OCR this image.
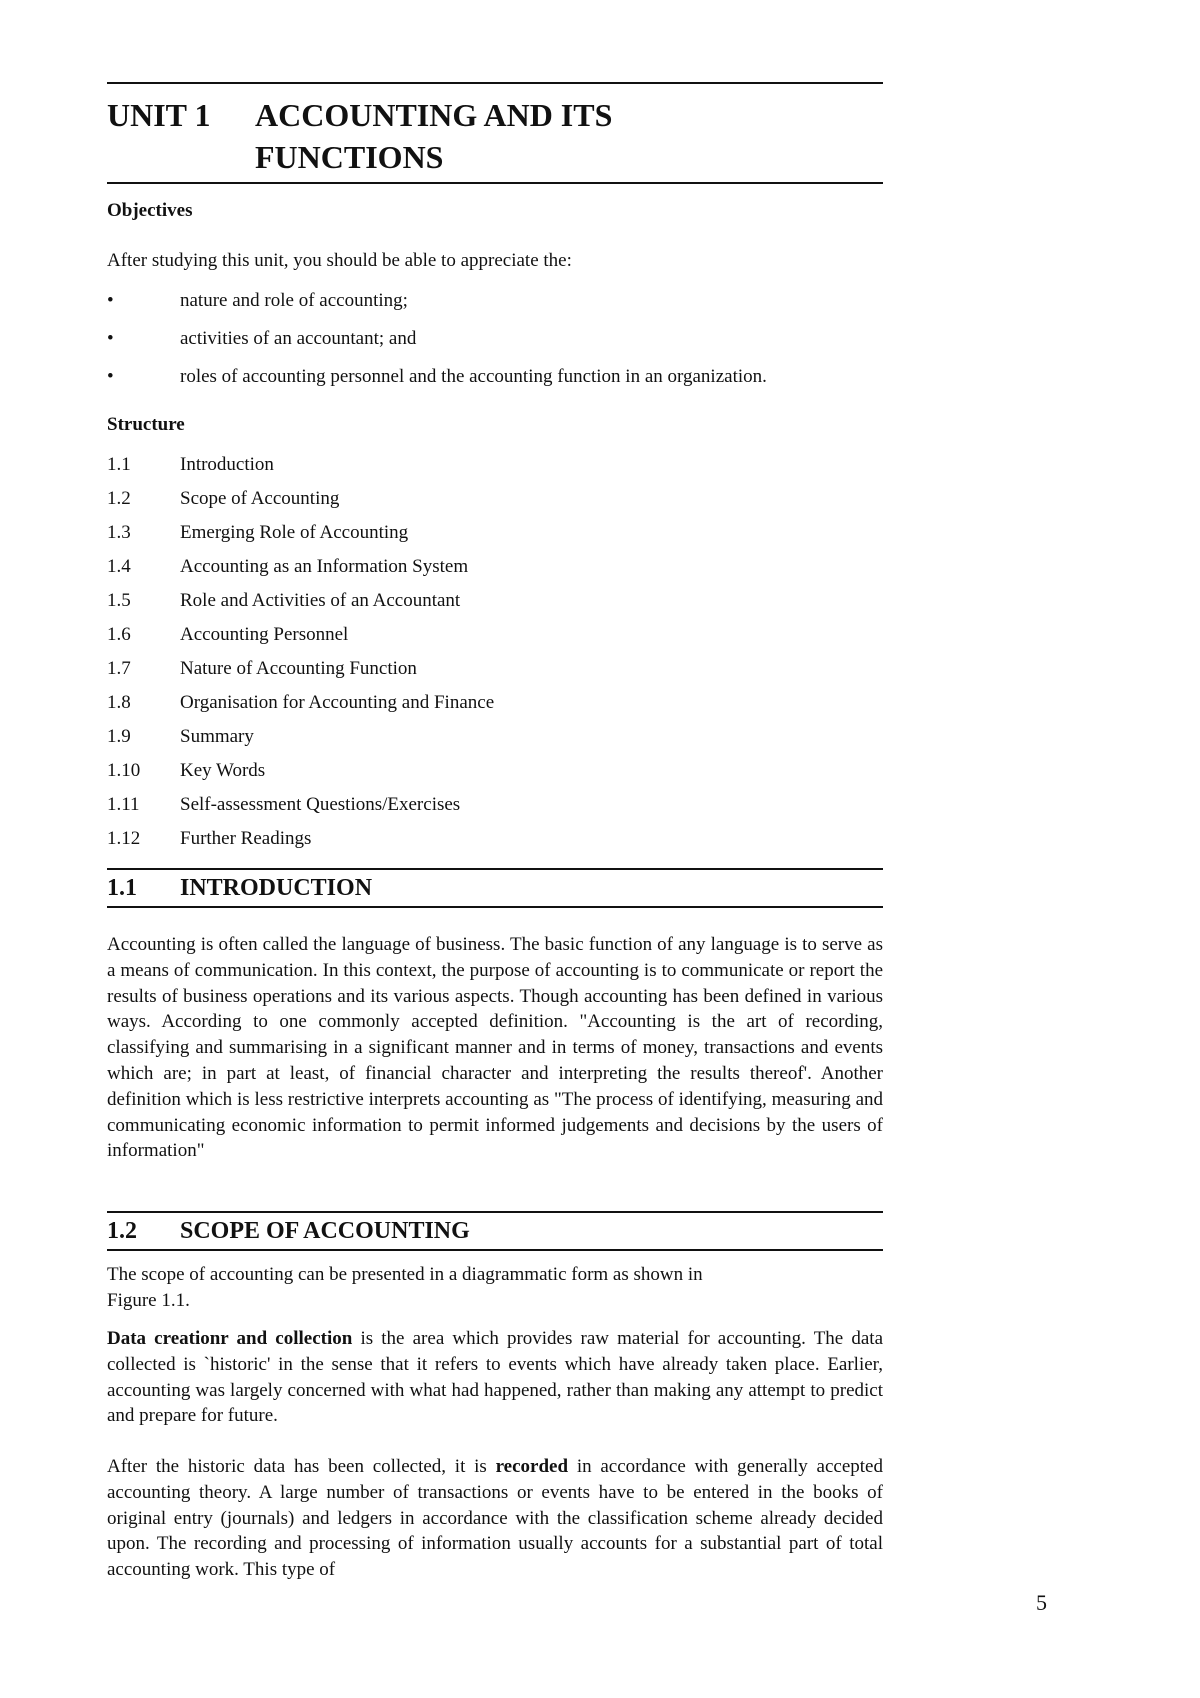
UNIT 1	ACCOUNTING AND ITS
FUNCTIONS
Objectives
After studying this unit, you should be able to appreciate the:
•	nature and role of accounting;
•	activities of an accountant; and
•	roles of accounting personnel and the accounting function in an organization.
Structure
1.1	Introduction
1.2	Scope of Accounting
1.3	Emerging Role of Accounting
1.4	Accounting as an Information System
1.5	Role and Activities of an Accountant
1.6	Accounting Personnel
1.7	Nature of Accounting Function
1.8	Organisation for Accounting and Finance
1.9	Summary
1.10	Key Words
1.11	Self-assessment Questions/Exercises
1.12	Further Readings
1.1	INTRODUCTION

Accounting is often called the language of business. The basic function of any language is to serve as a means of communication. In this context, the purpose of accounting is to communicate or report the results of business operations and its various aspects. Though accounting has been defined in various ways. According to one commonly accepted definition. "Accounting is the art of recording, classifying and summarising in a significant manner and in terms of money, transactions and events which are; in part at least, of financial character and interpreting the results thereof'. Another definition which is less restrictive interprets accounting as "The process of identifying, measuring and communicating economic information to permit informed judgements and decisions by the users of information"

1.2	SCOPE OF ACCOUNTING
The scope of accounting can be presented in a diagrammatic form as shown in
Figure 1.1.

Data creationr and collection is the area which provides raw material for accounting. The data collected is `historic' in the sense that it refers to events which have already taken place. Earlier, accounting was largely concerned with what had happened, rather than making any attempt to predict and prepare for future.

After the historic data has been collected, it is recorded in accordance with generally accepted accounting theory. A large number of transactions or events have to be entered in the books of original entry (journals) and ledgers in accordance with the classification scheme already decided upon. The recording and processing of information usually accounts for a substantial part of total accounting work. This type of

5
